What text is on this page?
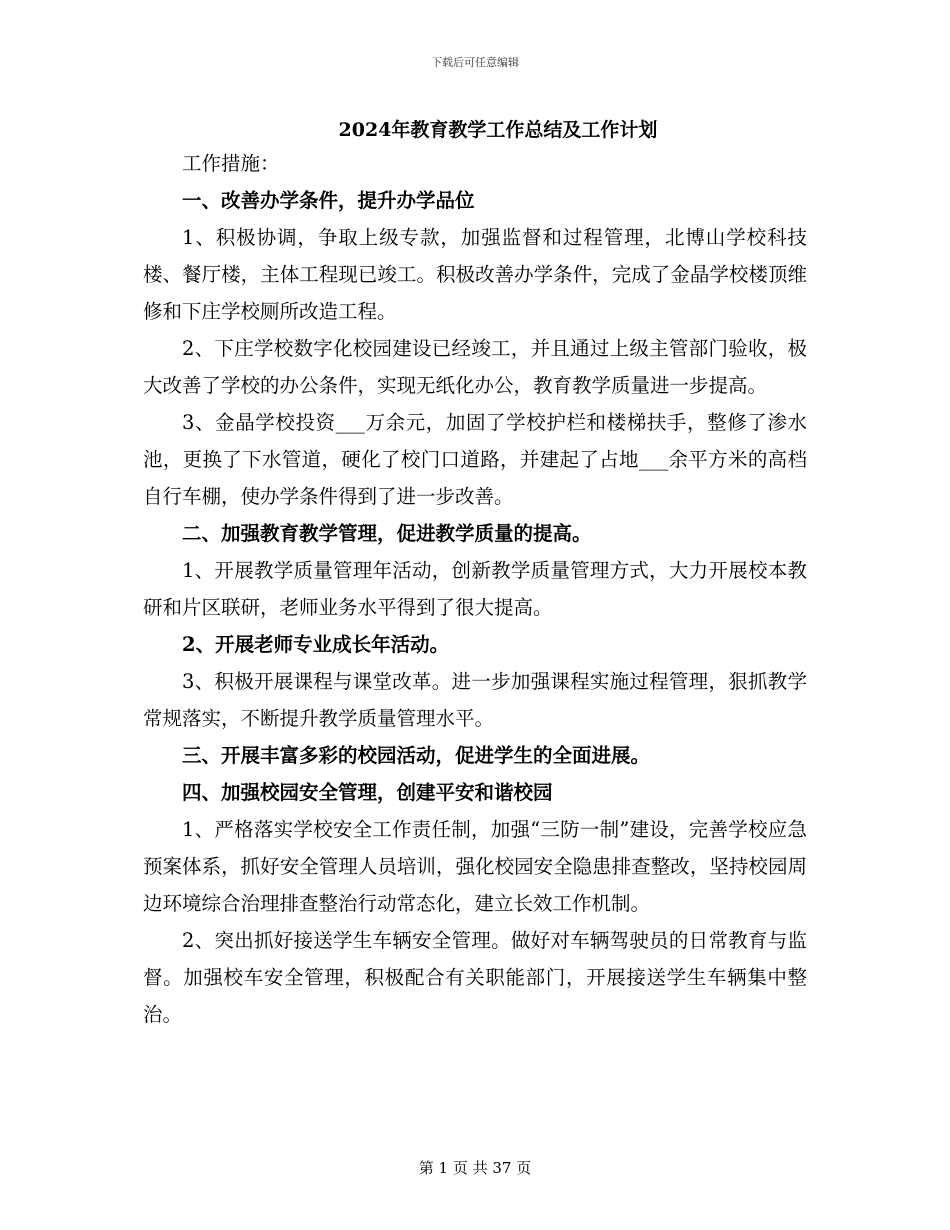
下载后可任意编辑
2024年教育教学工作总结及工作计划

工作措施：

一、改善办学条件，提升办学品位

1、积极协调，争取上级专款，加强监督和过程管理，北博山学校科技楼、餐厅楼，主体工程现已竣工。积极改善办学条件，完成了金晶学校楼顶维修和下庄学校厕所改造工程。

2、下庄学校数字化校园建设已经竣工，并且通过上级主管部门验收，极大改善了学校的办公条件，实现无纸化办公，教育教学质量进一步提高。

3、金晶学校投资___万余元，加固了学校护栏和楼梯扶手，整修了渗水池，更换了下水管道，硬化了校门口道路，并建起了占地___余平方米的高档自行车棚，使办学条件得到了进一步改善。

二、加强教育教学管理，促进教学质量的提高。

1、开展教学质量管理年活动，创新教学质量管理方式，大力开展校本教研和片区联研，老师业务水平得到了很大提高。

2、开展老师专业成长年活动。

3、积极开展课程与课堂改革。进一步加强课程实施过程管理，狠抓教学常规落实，不断提升教学质量管理水平。

三、开展丰富多彩的校园活动，促进学生的全面进展。

四、加强校园安全管理，创建平安和谐校园

1、严格落实学校安全工作责任制，加强“三防一制”建设，完善学校应急预案体系，抓好安全管理人员培训，强化校园安全隐患排查整改，坚持校园周边环境综合治理排查整治行动常态化，建立长效工作机制。

2、突出抓好接送学生车辆安全管理。做好对车辆驾驶员的日常教育与监督。加强校车安全管理，积极配合有关职能部门，开展接送学生车辆集中整治。

第 1 页 共 37 页
